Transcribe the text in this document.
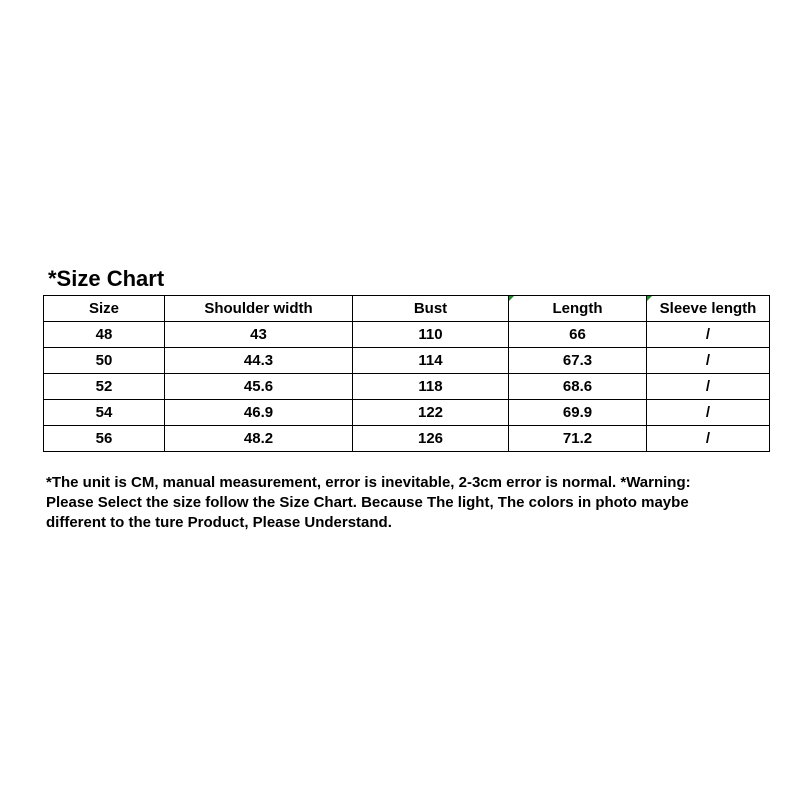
*Size Chart
Size	Shoulder width	Bust	Length	Sleeve length
48	43	110	66	/
50	44.3	114	67.3	/
52	45.6	118	68.6	/
54	46.9	122	69.9	/
56	48.2	126	71.2	/
*The unit is CM, manual measurement, error is inevitable, 2-3cm error is normal. *Warning:
Please Select the size follow the Size Chart. Because The light, The colors in photo maybe
different to the ture Product, Please Understand.
